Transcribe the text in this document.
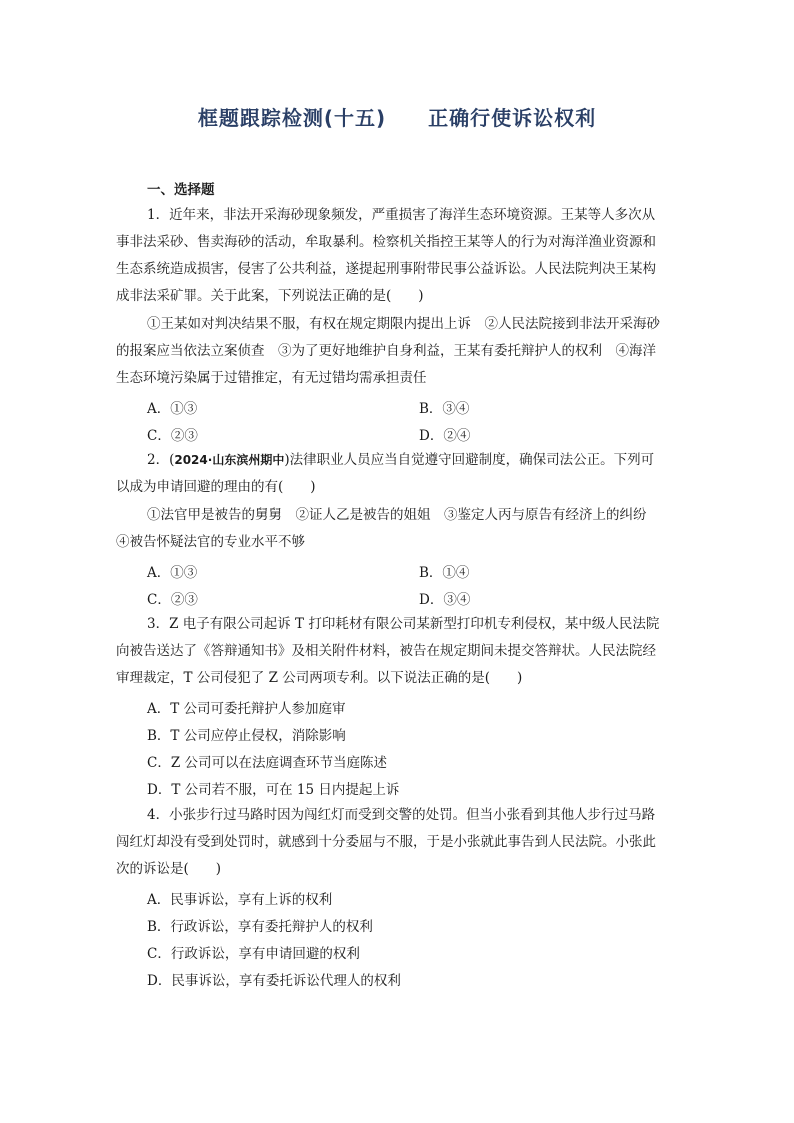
框题跟踪检测(十五)　　正确行使诉讼权利
一、选择题
1．近年来，非法开采海砂现象频发，严重损害了海洋生态环境资源。王某等人多次从
事非法采砂、售卖海砂的活动，牟取暴利。检察机关指控王某等人的行为对海洋渔业资源和
生态系统造成损害，侵害了公共利益，遂提起刑事附带民事公益诉讼。人民法院判决王某构
成非法采矿罪。关于此案，下列说法正确的是(　　)
①王某如对判决结果不服，有权在规定期限内提出上诉　②人民法院接到非法开采海砂
的报案应当依法立案侦查　③为了更好地维护自身利益，王某有委托辩护人的权利　④海洋
生态环境污染属于过错推定，有无过错均需承担责任
A．①③	B．③④
C．②③	D．②④
2．(2024·山东滨州期中)法律职业人员应当自觉遵守回避制度，确保司法公正。下列可
以成为申请回避的理由的有(　　)
①法官甲是被告的舅舅　②证人乙是被告的姐姐　③鉴定人丙与原告有经济上的纠纷
④被告怀疑法官的专业水平不够
A．①③	B．①④
C．②③	D．③④
3．Z 电子有限公司起诉 T 打印耗材有限公司某新型打印机专利侵权，某中级人民法院
向被告送达了《答辩通知书》及相关附件材料，被告在规定期间未提交答辩状。人民法院经
审理裁定，T 公司侵犯了 Z 公司两项专利。以下说法正确的是(　　)
A．T 公司可委托辩护人参加庭审
B．T 公司应停止侵权，消除影响
C．Z 公司可以在法庭调查环节当庭陈述
D．T 公司若不服，可在 15 日内提起上诉
4．小张步行过马路时因为闯红灯而受到交警的处罚。但当小张看到其他人步行过马路
闯红灯却没有受到处罚时，就感到十分委屈与不服，于是小张就此事告到人民法院。小张此
次的诉讼是(　　)
A．民事诉讼，享有上诉的权利
B．行政诉讼，享有委托辩护人的权利
C．行政诉讼，享有申请回避的权利
D．民事诉讼，享有委托诉讼代理人的权利
